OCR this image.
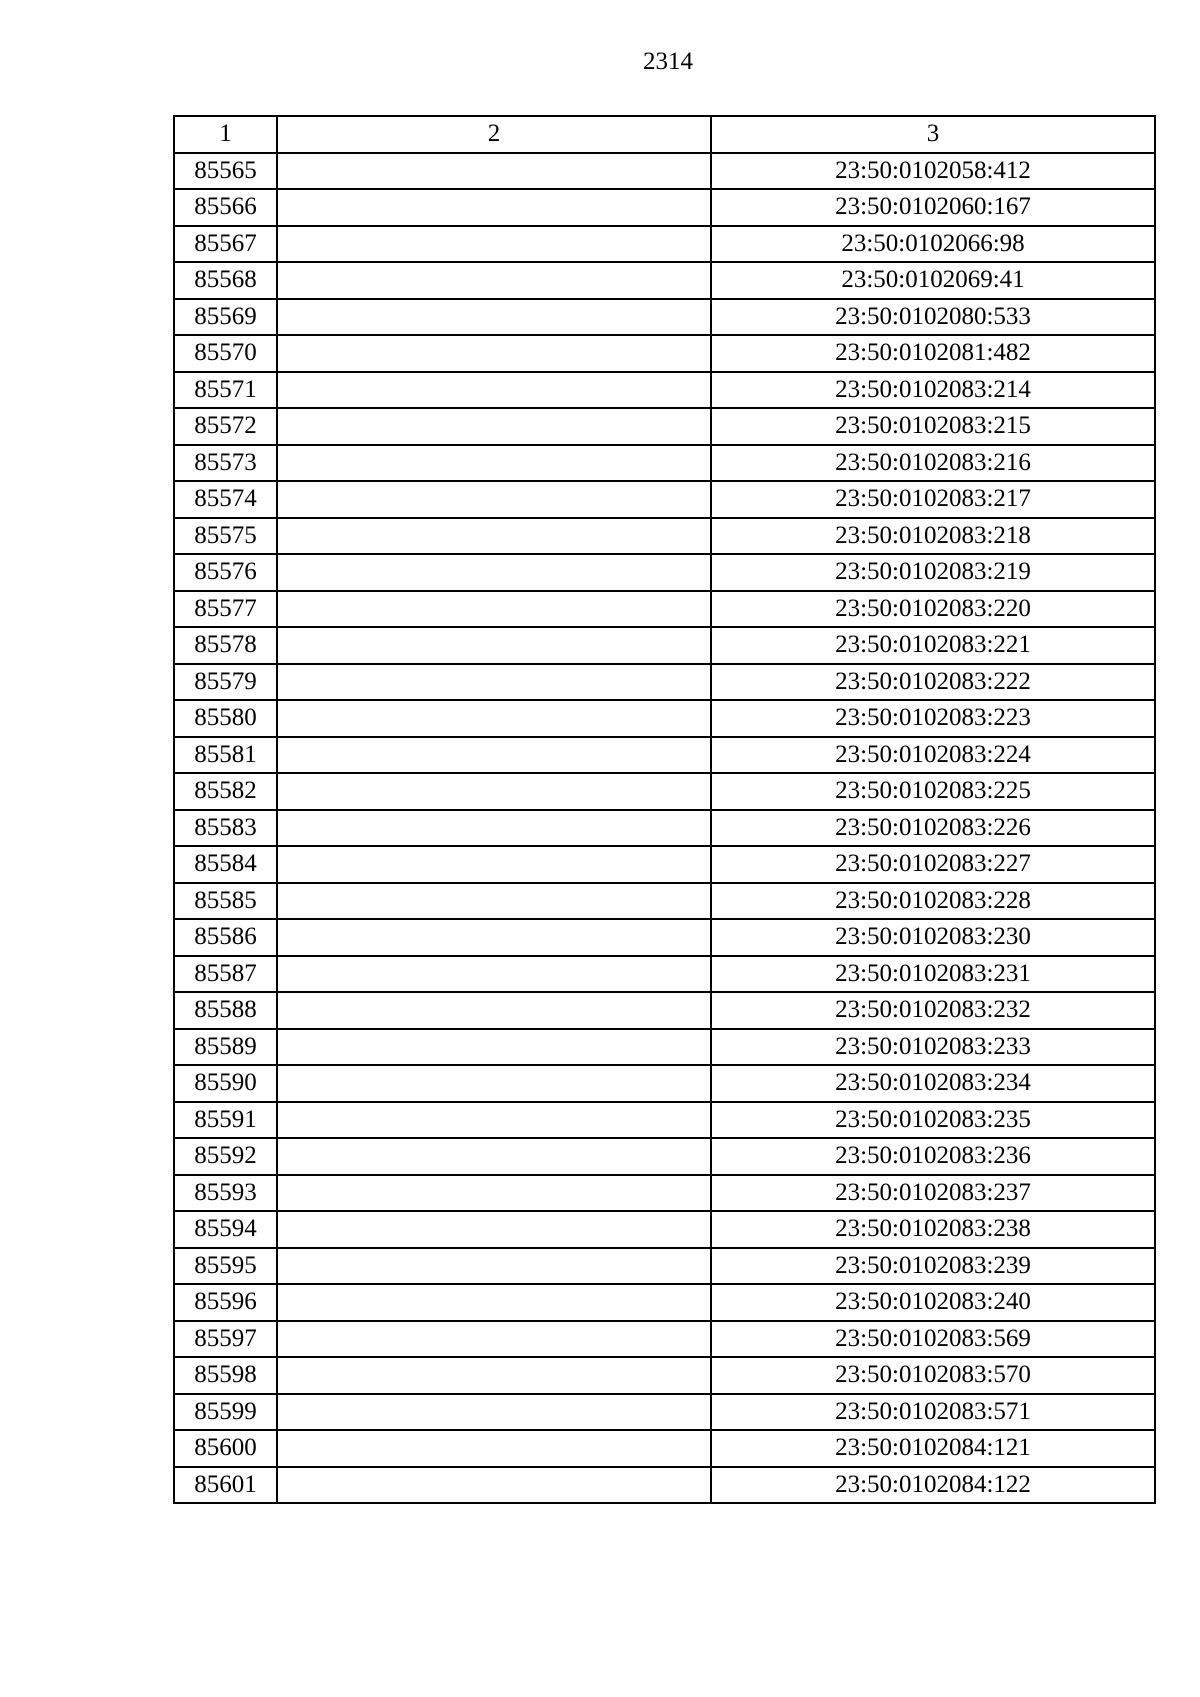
2314
1	2	3
85565		23:50:0102058:412
85566		23:50:0102060:167
85567		23:50:0102066:98
85568		23:50:0102069:41
85569		23:50:0102080:533
85570		23:50:0102081:482
85571		23:50:0102083:214
85572		23:50:0102083:215
85573		23:50:0102083:216
85574		23:50:0102083:217
85575		23:50:0102083:218
85576		23:50:0102083:219
85577		23:50:0102083:220
85578		23:50:0102083:221
85579		23:50:0102083:222
85580		23:50:0102083:223
85581		23:50:0102083:224
85582		23:50:0102083:225
85583		23:50:0102083:226
85584		23:50:0102083:227
85585		23:50:0102083:228
85586		23:50:0102083:230
85587		23:50:0102083:231
85588		23:50:0102083:232
85589		23:50:0102083:233
85590		23:50:0102083:234
85591		23:50:0102083:235
85592		23:50:0102083:236
85593		23:50:0102083:237
85594		23:50:0102083:238
85595		23:50:0102083:239
85596		23:50:0102083:240
85597		23:50:0102083:569
85598		23:50:0102083:570
85599		23:50:0102083:571
85600		23:50:0102084:121
85601		23:50:0102084:122
